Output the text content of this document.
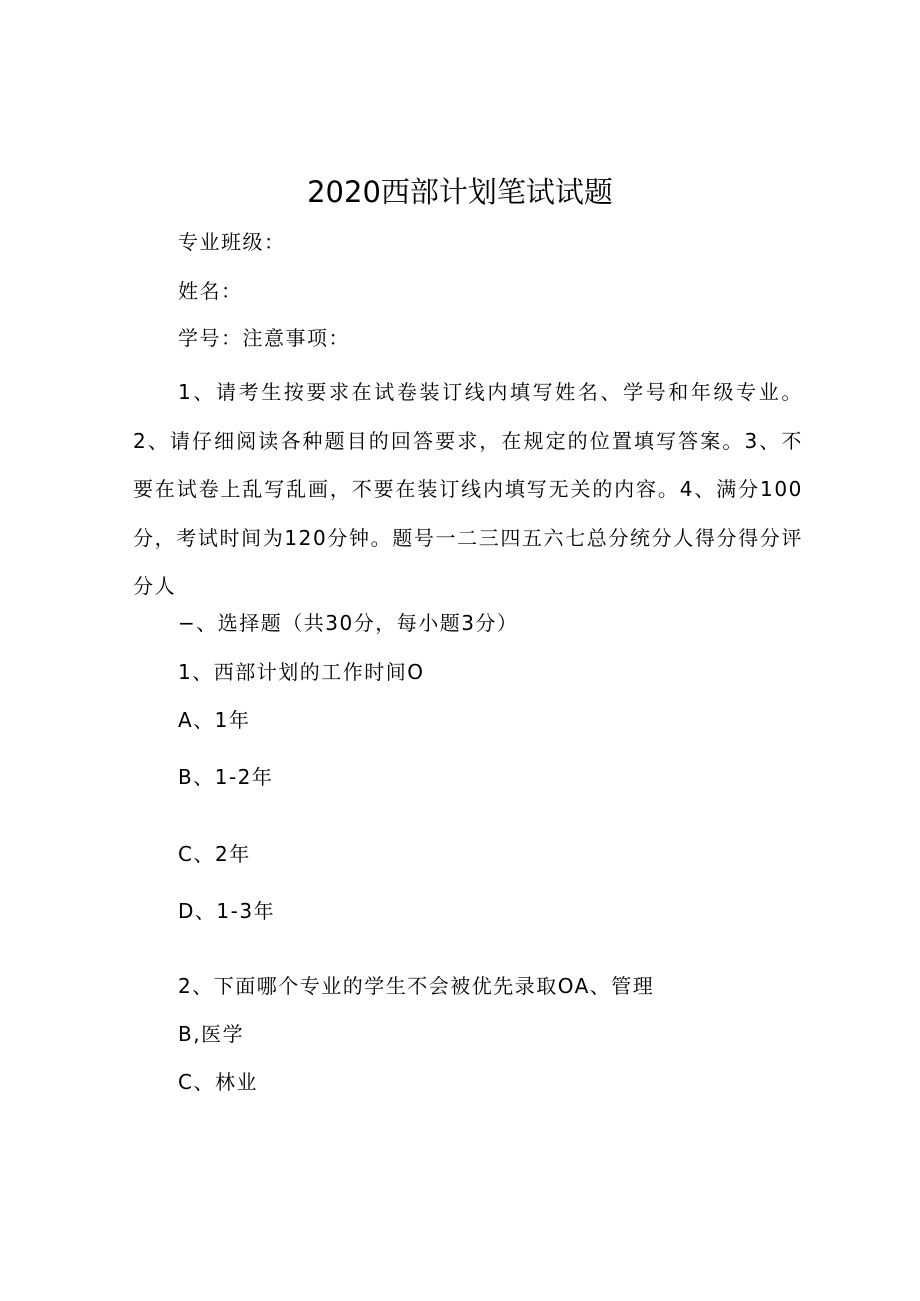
2020西部计划笔试试题
专业班级：
姓名：
学号：注意事项：
1、请考生按要求在试卷装订线内填写姓名、学号和年级专业。2、请仔细阅读各种题目的回答要求，在规定的位置填写答案。3、不要在试卷上乱写乱画，不要在装订线内填写无关的内容。4、满分100分，考试时间为120分钟。题号一二三四五六七总分统分人得分得分评分人
−、选择题（共30分，每小题3分）
1、西部计划的工作时间O
A、1年
B、1-2年
C、2年
D、1-3年
2、下面哪个专业的学生不会被优先录取OA、管理
B,医学
C、林业
